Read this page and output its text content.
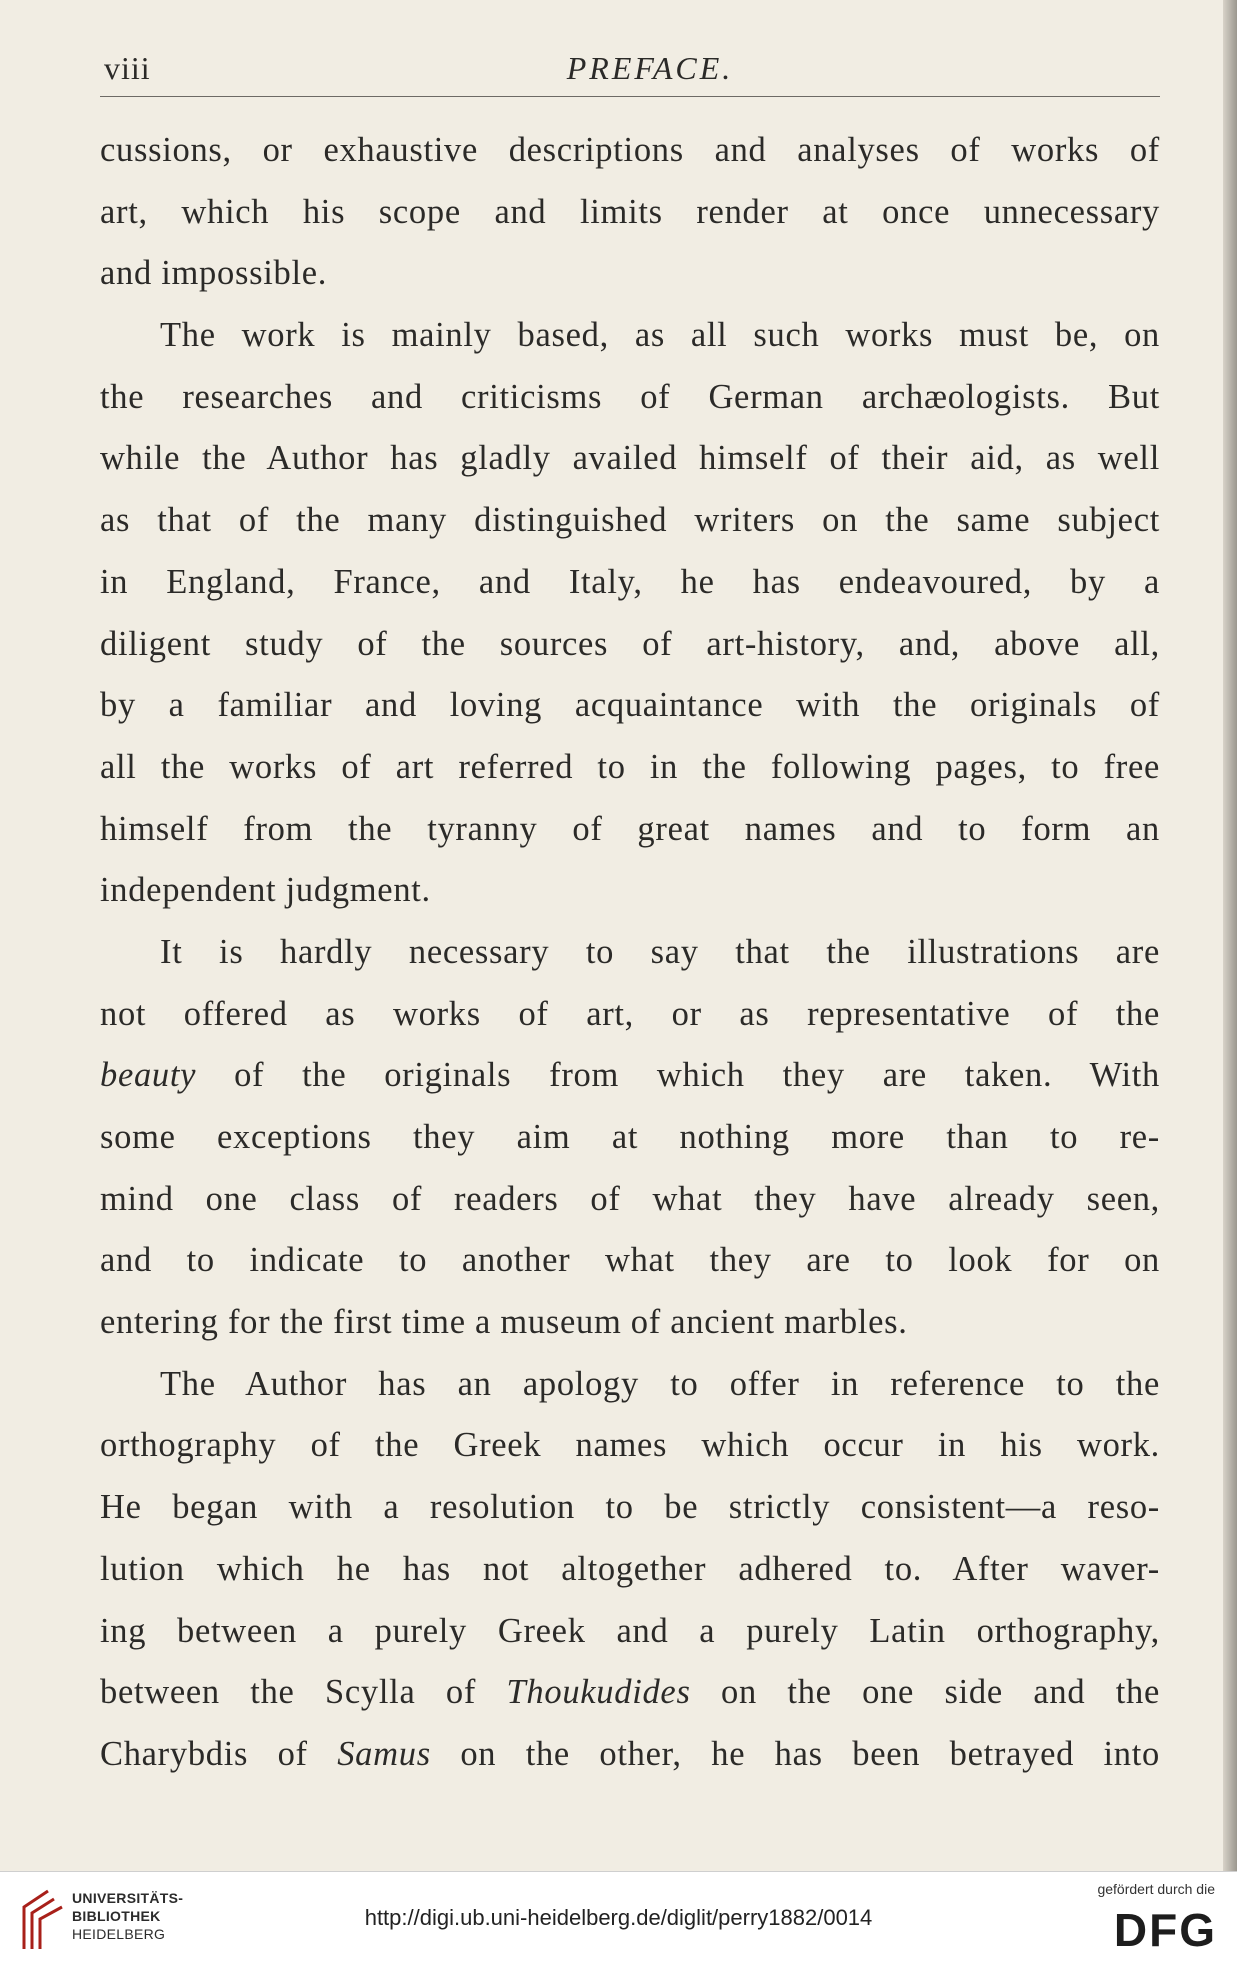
viii	PREFACE.
cussions, or exhaustive descriptions and analyses of works of
art, which his scope and limits render at once unnecessary
and impossible.
The work is mainly based, as all such works must be, on
the researches and criticisms of German archæologists. But
while the Author has gladly availed himself of their aid, as well
as that of the many distinguished writers on the same subject
in England, France, and Italy, he has endeavoured, by a
diligent study of the sources of art-history, and, above all,
by a familiar and loving acquaintance with the originals of
all the works of art referred to in the following pages, to free
himself from the tyranny of great names and to form an
independent judgment.
It is hardly necessary to say that the illustrations are
not offered as works of art, or as representative of the
beauty of the originals from which they are taken. With
some exceptions they aim at nothing more than to re-
mind one class of readers of what they have already seen,
and to indicate to another what they are to look for on
entering for the first time a museum of ancient marbles.
The Author has an apology to offer in reference to the
orthography of the Greek names which occur in his work.
He began with a resolution to be strictly consistent—a reso-
lution which he has not altogether adhered to. After waver-
ing between a purely Greek and a purely Latin orthography,
between the Scylla of Thoukudides on the one side and the
Charybdis of Samus on the other, he has been betrayed into
UNIVERSITÄTS-
BIBLIOTHEK
HEIDELBERG
http://digi.ub.uni-heidelberg.de/diglit/perry1882/0014
gefördert durch die
DFG
